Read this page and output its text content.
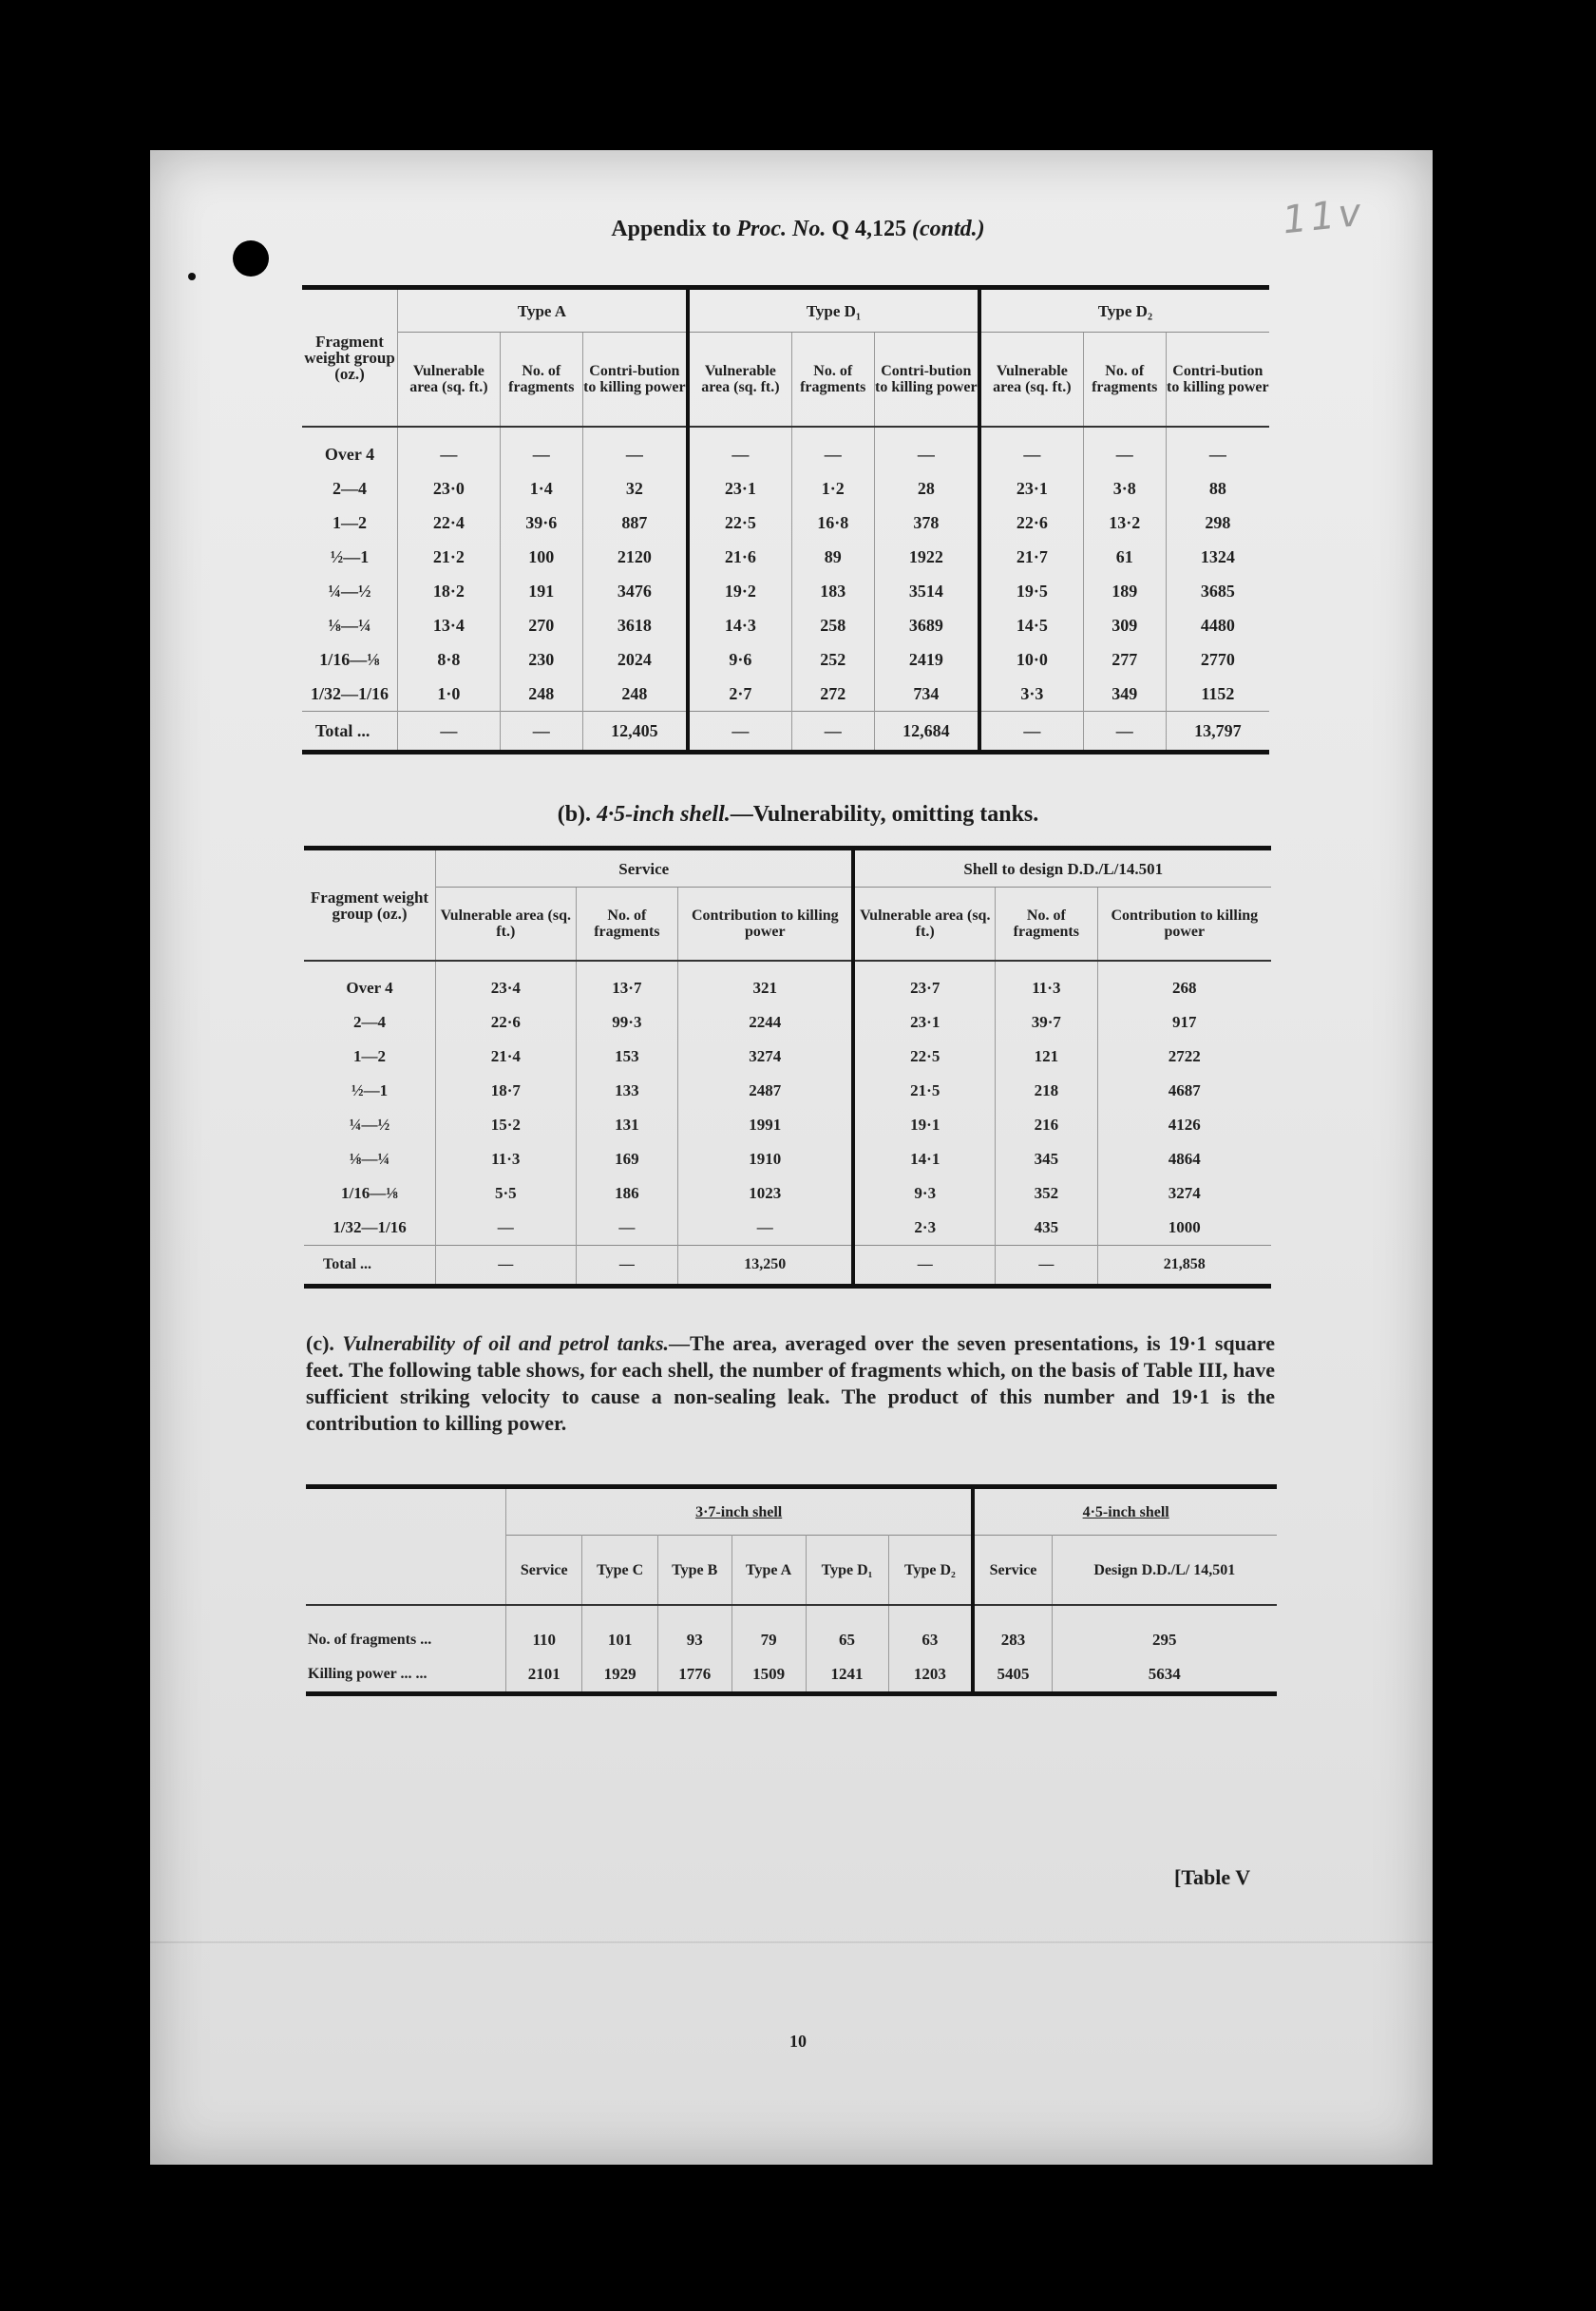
11v
Appendix to Proc. No. Q 4,125 (contd.)
Fragment weight group (oz.)	Type A			Type D₁			Type D₂		
	Vulnerable area (sq. ft.)	No. of fragments	Contri-bution to killing power	Vulnerable area (sq. ft.)	No. of fragments	Contri-bution to killing power	Vulnerable area (sq. ft.)	No. of fragments	Contri-bution to killing power
Over 4	—	—	—	—	—	—	—	—	—
2—4	23·0	1·4	32	23·1	1·2	28	23·1	3·8	88
1—2	22·4	39·6	887	22·5	16·8	378	22·6	13·2	298
½—1	21·2	100	2120	21·6	89	1922	21·7	61	1324
¼—½	18·2	191	3476	19·2	183	3514	19·5	189	3685
⅛—¼	13·4	270	3618	14·3	258	3689	14·5	309	4480
1/16—⅛	8·8	230	2024	9·6	252	2419	10·0	277	2770
1/32—1/16	1·0	248	248	2·7	272	734	3·3	349	1152
Total ...	—	—	12,405	—	—	12,684	—	—	13,797
(b). 4·5-inch shell.—Vulnerability, omitting tanks.
Fragment weight group (oz.)	Service			Shell to design D.D./L/14.501		
	Vulnerable area (sq. ft.)	No. of fragments	Contribution to killing power	Vulnerable area (sq. ft.)	No. of fragments	Contribution to killing power
Over 4	23·4	13·7	321	23·7	11·3	268
2—4	22·6	99·3	2244	23·1	39·7	917
1—2	21·4	153	3274	22·5	121	2722
½—1	18·7	133	2487	21·5	218	4687
¼—½	15·2	131	1991	19·1	216	4126
⅛—¼	11·3	169	1910	14·1	345	4864
1/16—⅛	5·5	186	1023	9·3	352	3274
1/32—1/16	—	—	—	2·3	435	1000
Total ...	—	—	13,250	—	—	21,858
(c). Vulnerability of oil and petrol tanks.—The area, averaged over the seven presentations, is 19·1 square feet. The following table shows, for each shell, the number of fragments which, on the basis of Table III, have sufficient striking velocity to cause a non-sealing leak. The product of this number and 19·1 is the contribution to killing power.
	3·7-inch shell						4·5-inch shell	
	Service	Type C	Type B	Type A	Type D₁	Type D₂	Service	Design D.D./L/ 14,501
No. of fragments ...	110	101	93	79	65	63	283	295
Killing power ... ...	2101	1929	1776	1509	1241	1203	5405	5634
[Table V
10
